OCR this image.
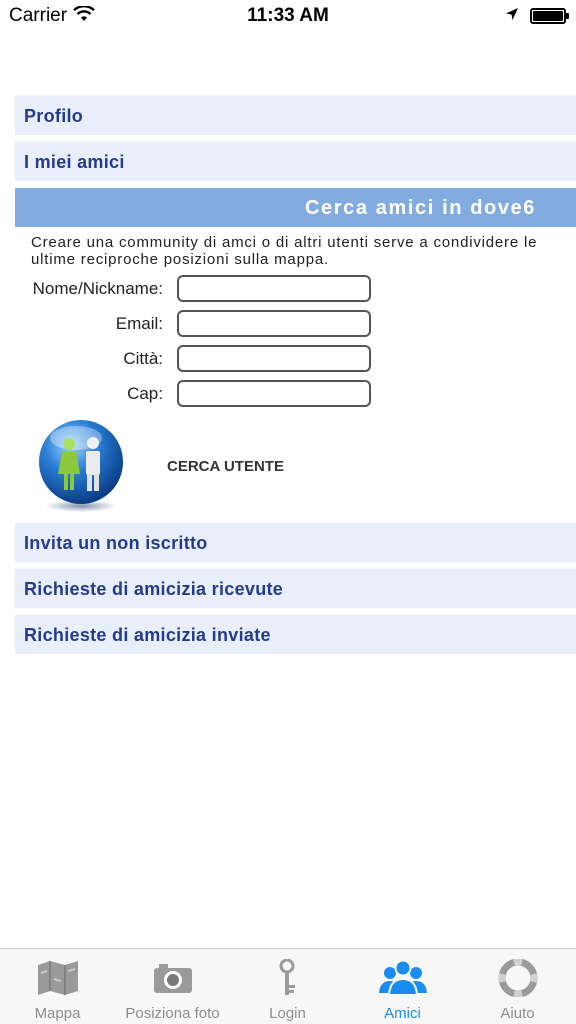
Carrier	11:33 AM
Profilo
I miei amici
Cerca amici in dove6
Creare una community di amci o di altri utenti serve a condividere le ultime reciproche posizioni sulla mappa.
Nome/Nickname:
Email:
Città:
Cap:
CERCA UTENTE
Invita un non iscritto
Richieste di amicizia ricevute
Richieste di amicizia inviate
Mappa	Posiziona foto	Login	Amici	Aiuto
